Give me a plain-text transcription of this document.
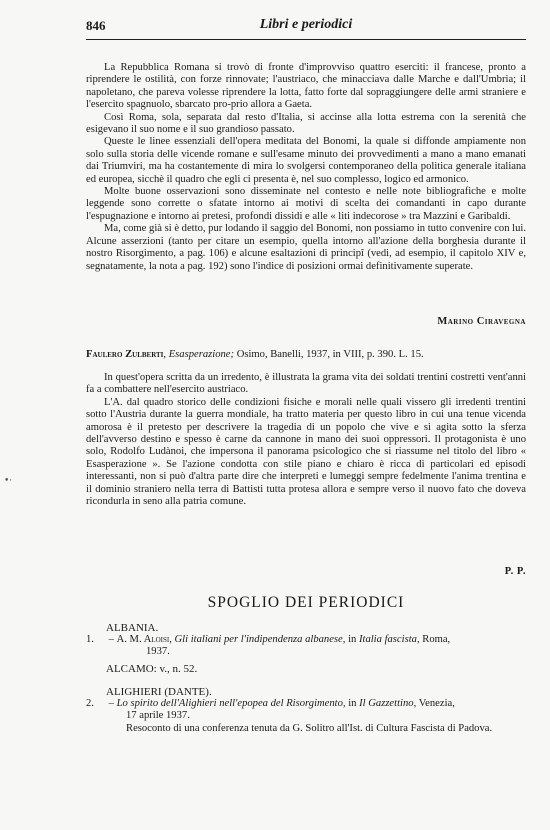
846	Libri e periodici

La Repubblica Romana si trovò di fronte d'improvviso quattro eserciti: il francese, pronto a riprendere le ostilità, con forze rinnovate; l'austriaco, che minacciava dalle Marche e dall'Umbria; il napoletano, che pareva volesse riprendere la lotta, fatto forte dal sopraggiungere delle armi straniere e l'esercito spagnuolo, sbarcato pro-prio allora a Gaeta.

Così Roma, sola, separata dal resto d'Italia, si accinse alla lotta estrema con la serenità che esigevano il suo nome e il suo grandioso passato.

Queste le linee essenziali dell'opera meditata del Bonomi, la quale si diffonde ampiamente non solo sulla storia delle vicende romane e sull'esame minuto dei provvedimenti a mano a mano emanati dai Triumviri, ma ha costantemente di mira lo svolgersi contemporaneo della politica generale italiana ed europea, sicchè il quadro che egli ci presenta è, nel suo complesso, logico ed armonico.

Molte buone osservazioni sono disseminate nel contesto e nelle note bibliografiche e molte leggende sono corrette o sfatate intorno ai motivi di scelta dei comandanti in capo durante l'espugnazione e intorno ai pretesi, profondi dissidi e alle « liti indecorose » tra Mazzini e Garibaldi.

Ma, come già si è detto, pur lodando il saggio del Bonomi, non possiamo in tutto convenire con lui. Alcune asserzioni (tanto per citare un esempio, quella intorno all'azione della borghesia durante il nostro Risorgimento, a pag. 106) e alcune esaltazioni di principî (vedi, ad esempio, il capitolo XIV e, segnatamente, la nota a pag. 192) sono l'indice di posizioni ormai definitivamente superate.

Marino Ciravegna
Faulero Zulberti, Esasperazione; Osimo, Banelli, 1937, in VIII, p. 390. L. 15.

In quest'opera scritta da un irredento, è illustrata la grama vita dei soldati trentini costretti vent'anni fa a combattere nell'esercito austriaco.

L'A. dal quadro storico delle condizioni fisiche e morali nelle quali vissero gli irredenti trentini sotto l'Austria durante la guerra mondiale, ha tratto materia per questo libro in cui una tenue vicenda amorosa è il pretesto per descrivere la tragedia di un popolo che vive e si agita sotto la sferza dell'avverso destino e spesso è carne da cannone in mano dei suoi oppressori. Il protagonista è uno solo, Rodolfo Ludànoi, che impersona il panorama psicologico che si riassume nel titolo del libro « Esasperazione ». Se l'azione condotta con stile piano e chiaro è ricca di particolari ed episodi interessanti, non si può d'altra parte dire che interpreti e lumeggi sempre fedelmente l'anima trentina e il dominio straniero nella terra di Battisti tutta protesa allora e sempre verso il nuovo fato che doveva ricondurla in seno alla patria comune.

P. P.
•·
SPOGLIO DEI PERIODICI
ALBANIA.
1. – A. M. Aloisi, Gli italiani per l'indipendenza albanese, in Italia fascista, Roma,
1937.
ALCAMO: v., n. 52.
ALIGHIERI (DANTE).
2. – Lo spirito dell'Alighieri nell'epopea del Risorgimento, in Il Gazzettino, Venezia,
17 aprile 1937.
Resoconto di una conferenza tenuta da G. Solitro all'Ist. di Cultura Fascista di Padova.
